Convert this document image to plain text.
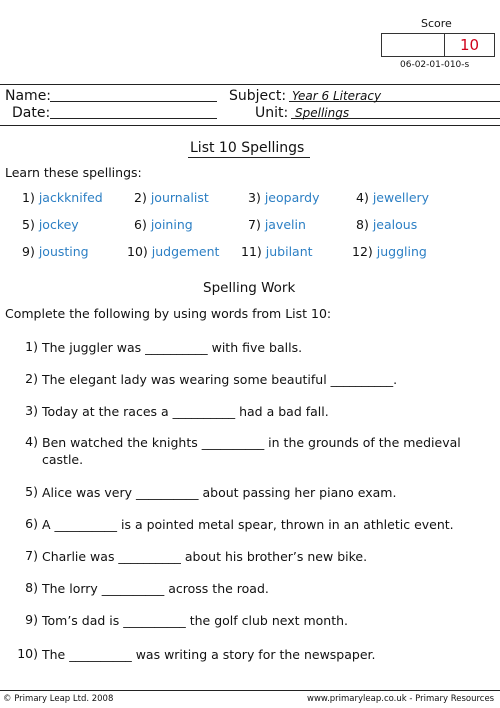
Score
10
06-02-01-010-s
Name:
Date:
Subject: Year 6 Literacy
Unit: Spellings
List 10 Spellings
Learn these spellings:
1) jackknifed	2) journalist	3) jeopardy	4) jewellery
5) jockey	6) joining	7) javelin	8) jealous
9) jousting	10) judgement 11) jubilant	12) juggling
Spelling Work
Complete the following by using words from List 10:
1) The juggler was __________ with five balls.
2) The elegant lady was wearing some beautiful __________.
3) Today at the races a __________ had a bad fall.
4) Ben watched the knights __________ in the grounds of the medieval castle.
5) Alice was very __________ about passing her piano exam.
6) A __________ is a pointed metal spear, thrown in an athletic event.
7) Charlie was __________ about his brother’s new bike.
8) The lorry __________ across the road.
9) Tom’s dad is __________ the golf club next month.
10) The __________ was writing a story for the newspaper.
© Primary Leap Ltd. 2008	www.primaryleap.co.uk - Primary Resources
